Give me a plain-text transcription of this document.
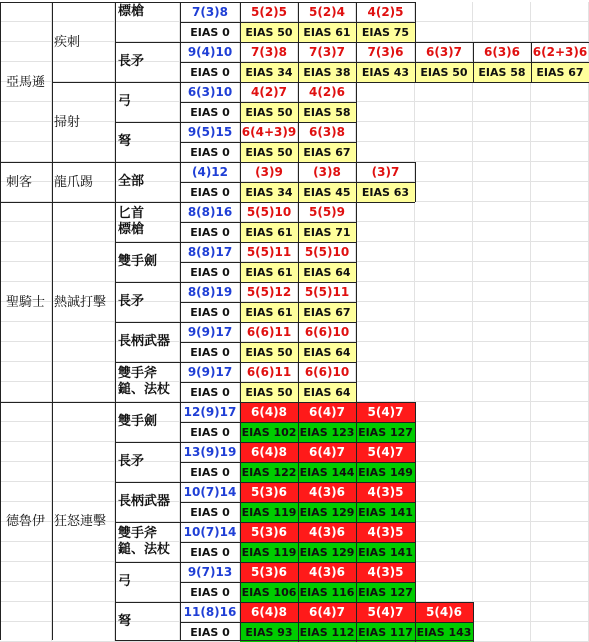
7(3)8
EIAS 0
5(2)5
EIAS 50
5(2)4
EIAS 61
4(2)5
EIAS 75
9(4)10
EIAS 0
7(3)8
EIAS 34
7(3)7
EIAS 38
7(3)6
EIAS 43
6(3)7
EIAS 50
6(3)6
EIAS 58
6(2+3)6
EIAS 67
6(3)10
EIAS 0
4(2)7
EIAS 50
4(2)6
EIAS 58
9(5)15
EIAS 0
6(4+3)9
EIAS 50
6(3)8
EIAS 67
(4)12
EIAS 0
(3)9
EIAS 34
(3)8
EIAS 45
(3)7
EIAS 63
8(8)16
EIAS 0
5(5)10
EIAS 61
5(5)9
EIAS 71
8(8)17
EIAS 0
5(5)11
EIAS 61
5(5)10
EIAS 64
8(8)19
EIAS 0
5(5)12
EIAS 61
5(5)11
EIAS 67
9(9)17
EIAS 0
6(6)11
EIAS 50
6(6)10
EIAS 64
9(9)17
EIAS 0
6(6)11
EIAS 50
6(6)10
EIAS 64
12(9)17
EIAS 0
6(4)8
EIAS 102
6(4)7
EIAS 123
5(4)7
EIAS 127
13(9)19
EIAS 0
6(4)8
EIAS 122
6(4)7
EIAS 144
5(4)7
EIAS 149
10(7)14
EIAS 0
5(3)6
EIAS 119
4(3)6
EIAS 129
4(3)5
EIAS 141
10(7)14
EIAS 0
5(3)6
EIAS 119
4(3)6
EIAS 129
4(3)5
EIAS 141
9(7)13
EIAS 0
5(3)6
EIAS 106
4(3)6
EIAS 116
4(3)5
EIAS 127
11(8)16
EIAS 0
6(4)8
EIAS 93
6(4)7
EIAS 112
5(4)7
EIAS 117
5(4)6
EIAS 143
標槍
長矛
弓
弩
全部
雙手劍
長矛
長柄武器
雙手劍
長矛
長柄武器
弓
弩
匕首
標槍
雙手斧
鎚、法杖
雙手斧
鎚、法杖
疾刺
掃射
龍爪踢
熱誠打擊
狂怒連擊
亞馬遜
刺客
聖騎士
德魯伊
